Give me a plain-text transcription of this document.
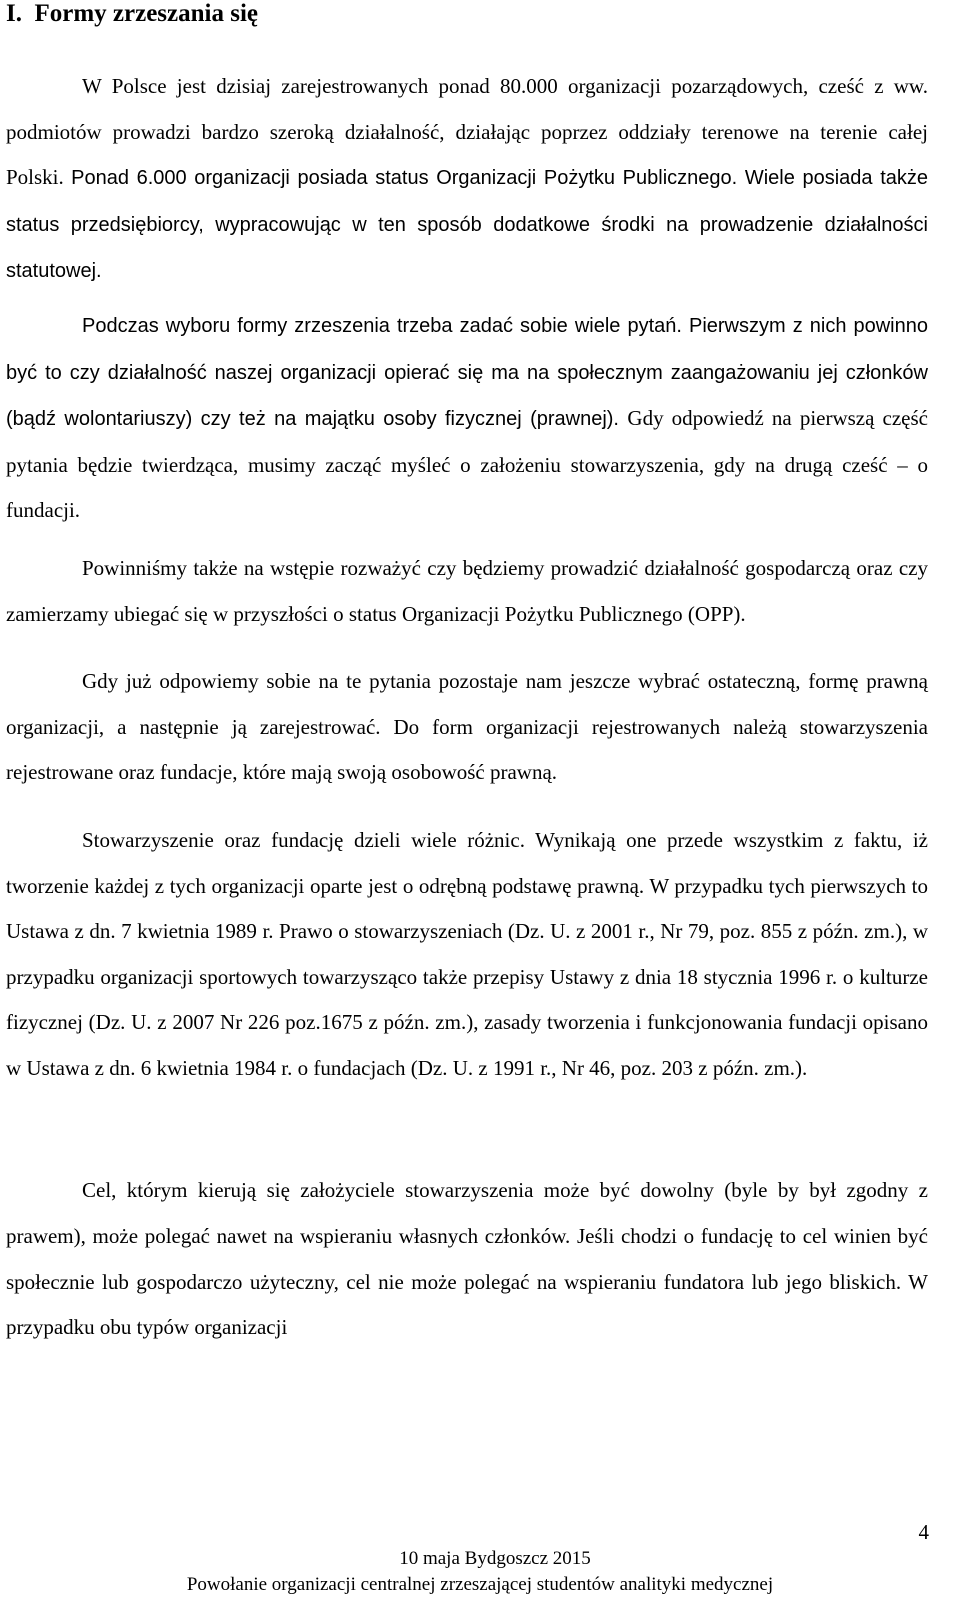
I.  Formy zrzeszania się

W Polsce jest dzisiaj zarejestrowanych ponad 80.000 organizacji pozarządowych, cześć z ww. podmiotów prowadzi bardzo szeroką działalność, działając poprzez oddziały terenowe na terenie całej Polski. Ponad 6.000 organizacji posiada status Organizacji Pożytku Publicznego. Wiele posiada także status przedsiębiorcy, wypracowując w ten sposób dodatkowe środki na prowadzenie działalności statutowej.

Podczas wyboru formy zrzeszenia trzeba zadać sobie wiele pytań. Pierwszym z nich powinno być to czy działalność naszej organizacji opierać się ma na społecznym zaangażowaniu jej członków (bądź wolontariuszy) czy też na majątku osoby fizycznej (prawnej). Gdy odpowiedź na pierwszą część pytania będzie twierdząca, musimy zacząć myśleć o założeniu stowarzyszenia, gdy na drugą cześć – o fundacji.

Powinniśmy także na wstępie rozważyć czy będziemy prowadzić działalność gospodarczą oraz czy zamierzamy ubiegać się w przyszłości o status Organizacji Pożytku Publicznego (OPP).

Gdy już odpowiemy sobie na te pytania pozostaje nam jeszcze wybrać ostateczną, formę prawną organizacji, a następnie ją zarejestrować. Do form organizacji rejestrowanych należą stowarzyszenia rejestrowane oraz fundacje, które mają swoją osobowość prawną.

Stowarzyszenie oraz fundację dzieli wiele różnic. Wynikają one przede wszystkim z faktu, iż tworzenie każdej z tych organizacji oparte jest o odrębną podstawę prawną. W przypadku tych pierwszych to Ustawa z dn. 7 kwietnia 1989 r. Prawo o stowarzyszeniach (Dz. U. z 2001 r., Nr 79, poz. 855 z późn. zm.), w przypadku organizacji sportowych towarzysząco także przepisy Ustawy z dnia 18 stycznia 1996 r. o kulturze fizycznej (Dz. U. z 2007 Nr 226 poz.1675 z późn. zm.), zasady tworzenia i funkcjonowania fundacji opisano w Ustawa z dn. 6 kwietnia 1984 r. o fundacjach (Dz. U. z 1991 r., Nr 46, poz. 203 z późn. zm.).

Cel, którym kierują się założyciele stowarzyszenia może być dowolny (byle by był zgodny z prawem), może polegać nawet na wspieraniu własnych członków. Jeśli chodzi o fundację to cel winien być społecznie lub gospodarczo użyteczny, cel nie może polegać na wspieraniu fundatora lub jego bliskich. W przypadku obu typów organizacji

4
10 maja Bydgoszcz 2015
Powołanie organizacji centralnej zrzeszającej studentów analityki medycznej
